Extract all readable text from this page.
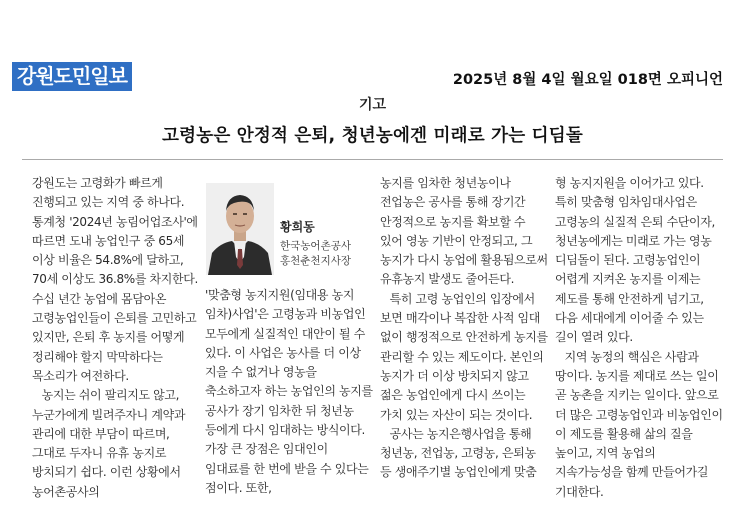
강원도민일보	2025년 8월 4일 월요일 018면 오피니언
기고
고령농은 안정적 은퇴, 청년농에겐 미래로 가는 디딤돌

강원도는 고령화가 빠르게 진행되고 있는 지역 중 하나다. 통계청 '2024년 농림어업조사'에 따르면 도내 농업인구 중 65세 이상 비율은 54.8%에 달하고, 70세 이상도 36.8%를 차지한다. 수십 년간 농업에 몸담아온 고령농업인들이 은퇴를 고민하고 있지만, 은퇴 후 농지를 어떻게 정리해야 할지 막막하다는 목소리가 여전하다.

농지는 쉬이 팔리지도 않고, 누군가에게 빌려주자니 계약과 관리에 대한 부담이 따르며, 그대로 두자니 유휴 농지로 방치되기 쉽다. 이런 상황에서 농어촌공사의

황희동
한국농어촌공사
홍천춘천지사장

'맞춤형 농지지원(임대용 농지 임차)사업'은 고령농과 비농업인 모두에게 실질적인 대안이 될 수 있다. 이 사업은 농사를 더 이상 지을 수 없거나 영농을 축소하고자 하는 농업인의 농지를 공사가 장기 임차한 뒤 청년농 등에게 다시 임대하는 방식이다. 가장 큰 장점은 임대인이 임대료를 한 번에 받을 수 있다는 점이다. 또한,

농지를 임차한 청년농이나 전업농은 공사를 통해 장기간 안정적으로 농지를 확보할 수 있어 영농 기반이 안정되고, 그 농지가 다시 농업에 활용됨으로써 유휴농지 발생도 줄어든다.

특히 고령 농업인의 입장에서 보면 매각이나 복잡한 사적 임대 없이 행정적으로 안전하게 농지를 관리할 수 있는 제도이다. 본인의 농지가 더 이상 방치되지 않고 젊은 농업인에게 다시 쓰이는 가치 있는 자산이 되는 것이다.

공사는 농지은행사업을 통해 청년농, 전업농, 고령농, 은퇴농 등 생애주기별 농업인에게 맞춤

형 농지지원을 이어가고 있다. 특히 맞춤형 임차임대사업은 고령농의 실질적 은퇴 수단이자, 청년농에게는 미래로 가는 영농 디딤돌이 된다. 고령농업인이 어렵게 지켜온 농지를 이제는 제도를 통해 안전하게 넘기고, 다음 세대에게 이어줄 수 있는 길이 열려 있다.

지역 농정의 핵심은 사람과 땅이다. 농지를 제대로 쓰는 일이 곧 농촌을 지키는 일이다. 앞으로 더 많은 고령농업인과 비농업인이 이 제도를 활용해 삶의 질을 높이고, 지역 농업의 지속가능성을 함께 만들어가길 기대한다.
